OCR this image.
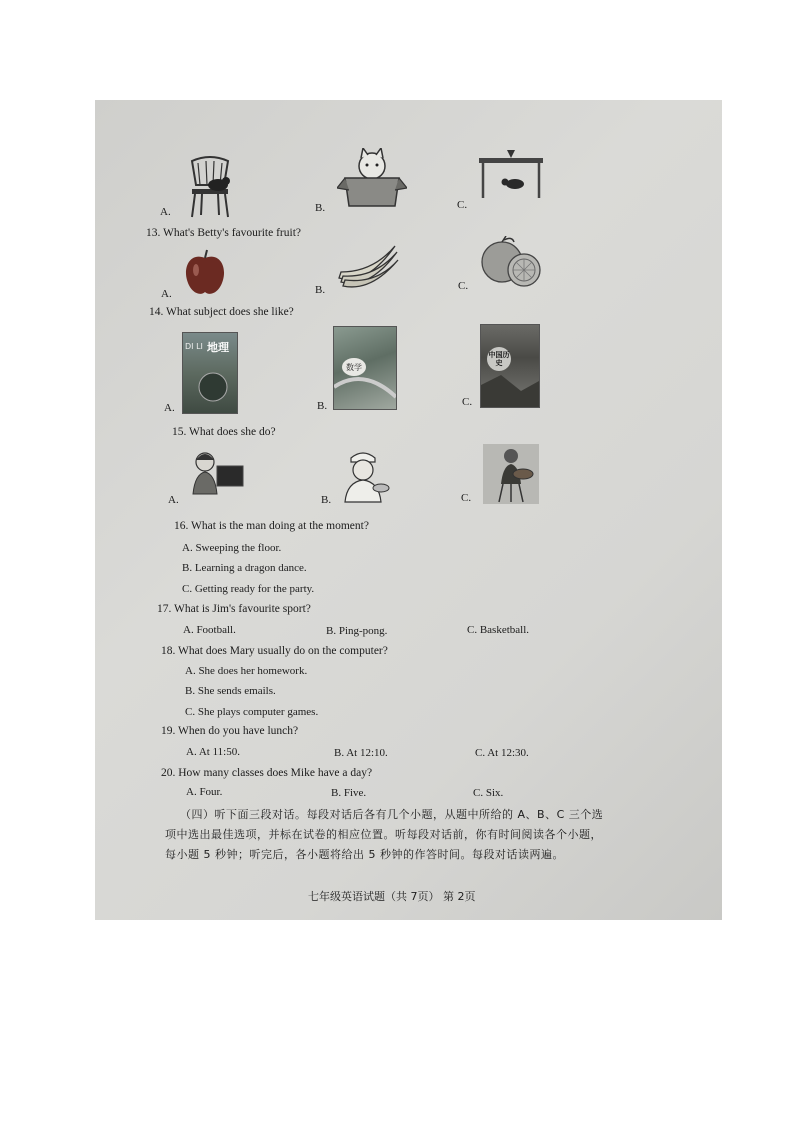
A.	B.	C.
13. What's Betty's favourite fruit?
A.	B.	C.
14. What subject does she like?
A.
DI LI 地理
B.
数学
C.
中国历史
15. What does she do?
A.	B.	C.
16. What is the man doing at the moment?
A. Sweeping the floor.
B. Learning a dragon dance.
C. Getting ready for the party.
17. What is Jim's favourite sport?
A. Football.	B. Ping-pong.	C. Basketball.
18. What does Mary usually do on the computer?
A. She does her homework.
B. She sends emails.
C. She plays computer games.
19. When do you have lunch?
A. At 11:50.	B. At 12:10.	C. At 12:30.
20. How many classes does Mike have a day?
A. Four.	B. Five.	C. Six.
（四）听下面三段对话。每段对话后各有几个小题，从题中所给的 A、B、C 三个选
项中选出最佳选项，并标在试卷的相应位置。听每段对话前，你有时间阅读各个小题，
每小题 5 秒钟；听完后，各小题将给出 5 秒钟的作答时间。每段对话读两遍。
七年级英语试题（共 7页） 第 2页
